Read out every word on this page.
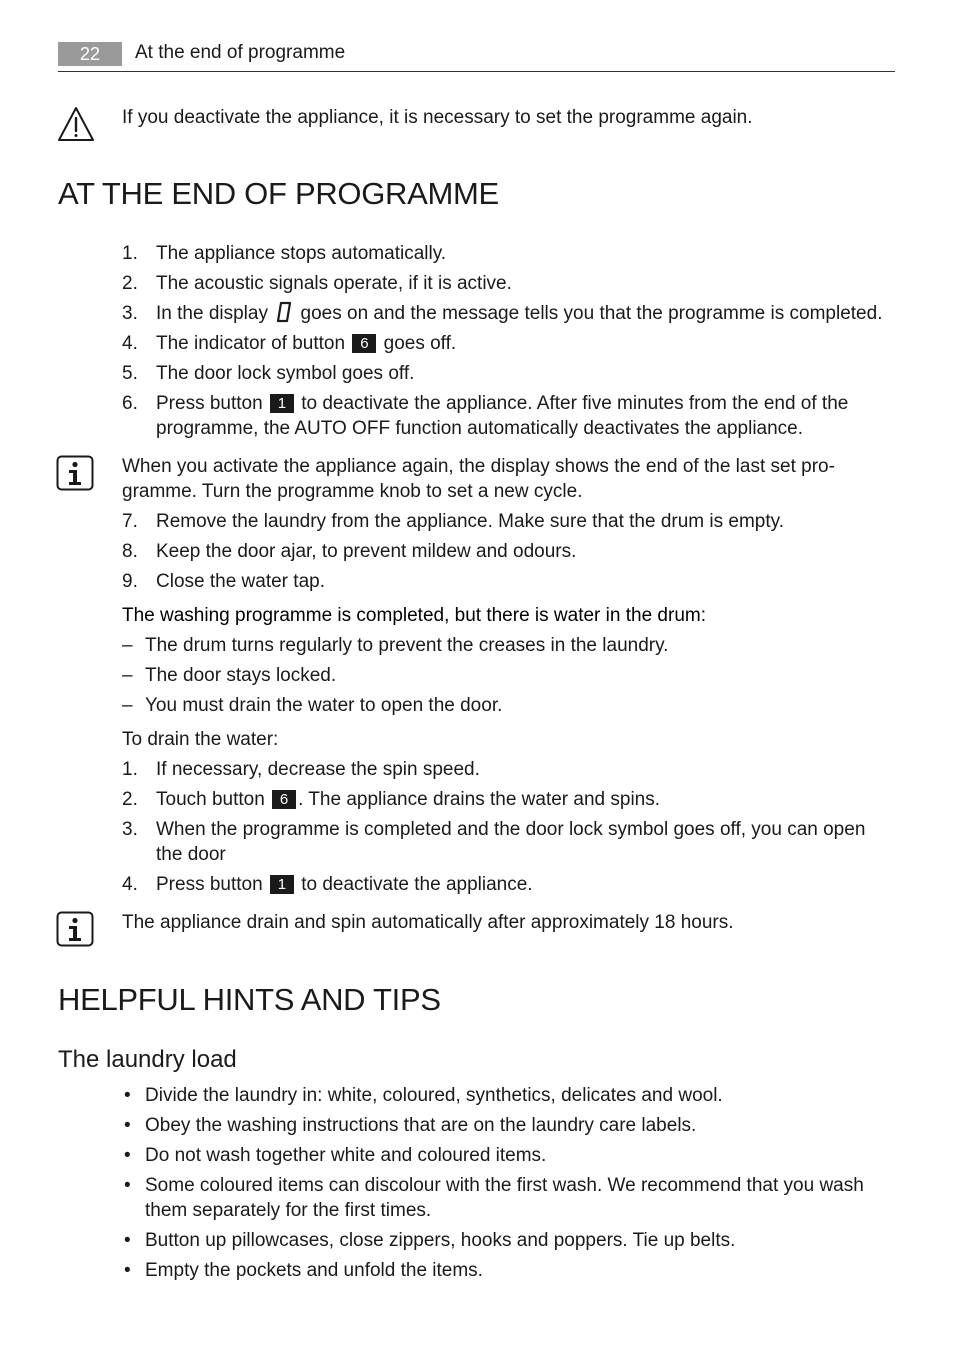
22	At the end of programme
If you deactivate the appliance, it is necessary to set the programme again.
AT THE END OF PROGRAMME
1. The appliance stops automatically.
2. The acoustic signals operate, if it is active.
3. In the display goes on and the message tells you that the programme is completed.
4. The indicator of button 6 goes off.
5. The door lock symbol goes off.
6. Press button 1 to deactivate the appliance. After five minutes from the end of the
programme, the AUTO OFF function automatically deactivates the appliance.
When you activate the appliance again, the display shows the end of the last set pro-
gramme. Turn the programme knob to set a new cycle.
7. Remove the laundry from the appliance. Make sure that the drum is empty.
8. Keep the door ajar, to prevent mildew and odours.
9. Close the water tap.
The washing programme is completed, but there is water in the drum:
– The drum turns regularly to prevent the creases in the laundry.
– The door stays locked.
– You must drain the water to open the door.
To drain the water:
1. If necessary, decrease the spin speed.
2. Touch button 6 . The appliance drains the water and spins.
3. When the programme is completed and the door lock symbol goes off, you can open
the door
4. Press button 1 to deactivate the appliance.
The appliance drain and spin automatically after approximately 18 hours.
HELPFUL HINTS AND TIPS
The laundry load
• Divide the laundry in: white, coloured, synthetics, delicates and wool.
• Obey the washing instructions that are on the laundry care labels.
• Do not wash together white and coloured items.
• Some coloured items can discolour with the first wash. We recommend that you wash
them separately for the first times.
• Button up pillowcases, close zippers, hooks and poppers. Tie up belts.
• Empty the pockets and unfold the items.
